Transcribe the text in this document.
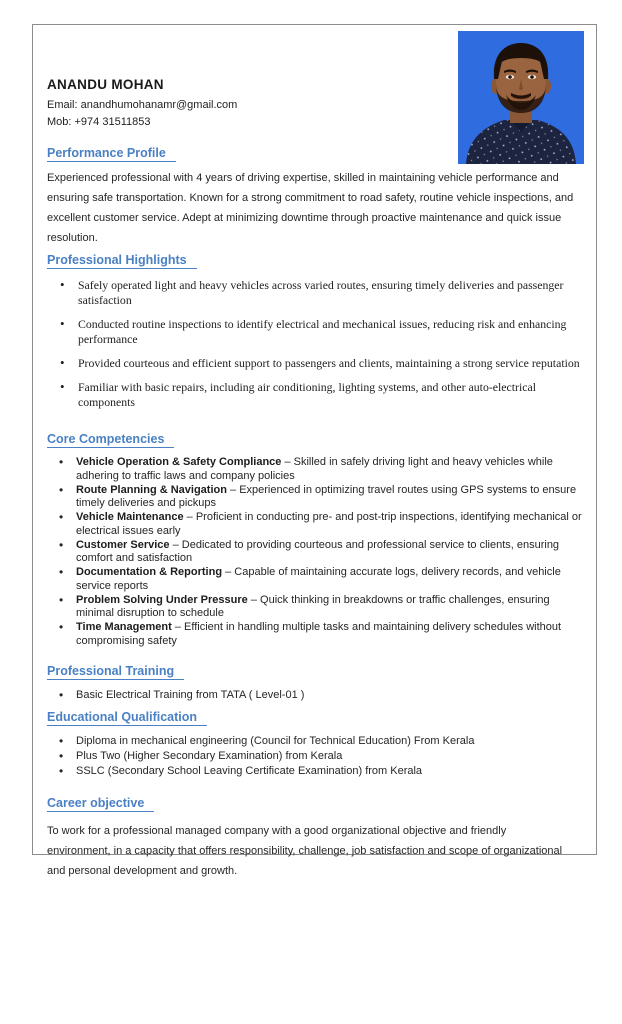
ANANDU MOHAN

Email: anandhumohanamr@gmail.com

Mob: +974 31511853

Performance Profile

Experienced professional with 4 years of driving expertise, skilled in maintaining vehicle performance and ensuring safe transportation. Known for a strong commitment to road safety, routine vehicle inspections, and excellent customer service. Adept at minimizing downtime through proactive maintenance and quick issue resolution.

Professional Highlights
• Safely operated light and heavy vehicles across varied routes, ensuring timely deliveries and passenger satisfaction
• Conducted routine inspections to identify electrical and mechanical issues, reducing risk and enhancing performance
• Provided courteous and efficient support to passengers and clients, maintaining a strong service reputation
• Familiar with basic repairs, including air conditioning, lighting systems, and other auto-electrical components
Core Competencies
• Vehicle Operation & Safety Compliance – Skilled in safely driving light and heavy vehicles while adhering to traffic laws and company policies
• Route Planning & Navigation – Experienced in optimizing travel routes using GPS systems to ensure timely deliveries and pickups
• Vehicle Maintenance – Proficient in conducting pre- and post-trip inspections, identifying mechanical or electrical issues early
• Customer Service – Dedicated to providing courteous and professional service to clients, ensuring comfort and satisfaction
• Documentation & Reporting – Capable of maintaining accurate logs, delivery records, and vehicle service reports
• Problem Solving Under Pressure – Quick thinking in breakdowns or traffic challenges, ensuring minimal disruption to schedule
• Time Management – Efficient in handling multiple tasks and maintaining delivery schedules without compromising safety
Professional Training
• Basic Electrical Training from TATA ( Level-01 )
Educational Qualification
• Diploma in mechanical engineering (Council for Technical Education) From Kerala
• Plus Two (Higher Secondary Examination) from Kerala
• SSLC (Secondary School Leaving Certificate Examination) from Kerala
Career objective

To work for a professional managed company with a good organizational objective and friendly environment, in a capacity that offers responsibility, challenge, job satisfaction and scope of organizational and personal development and growth.
